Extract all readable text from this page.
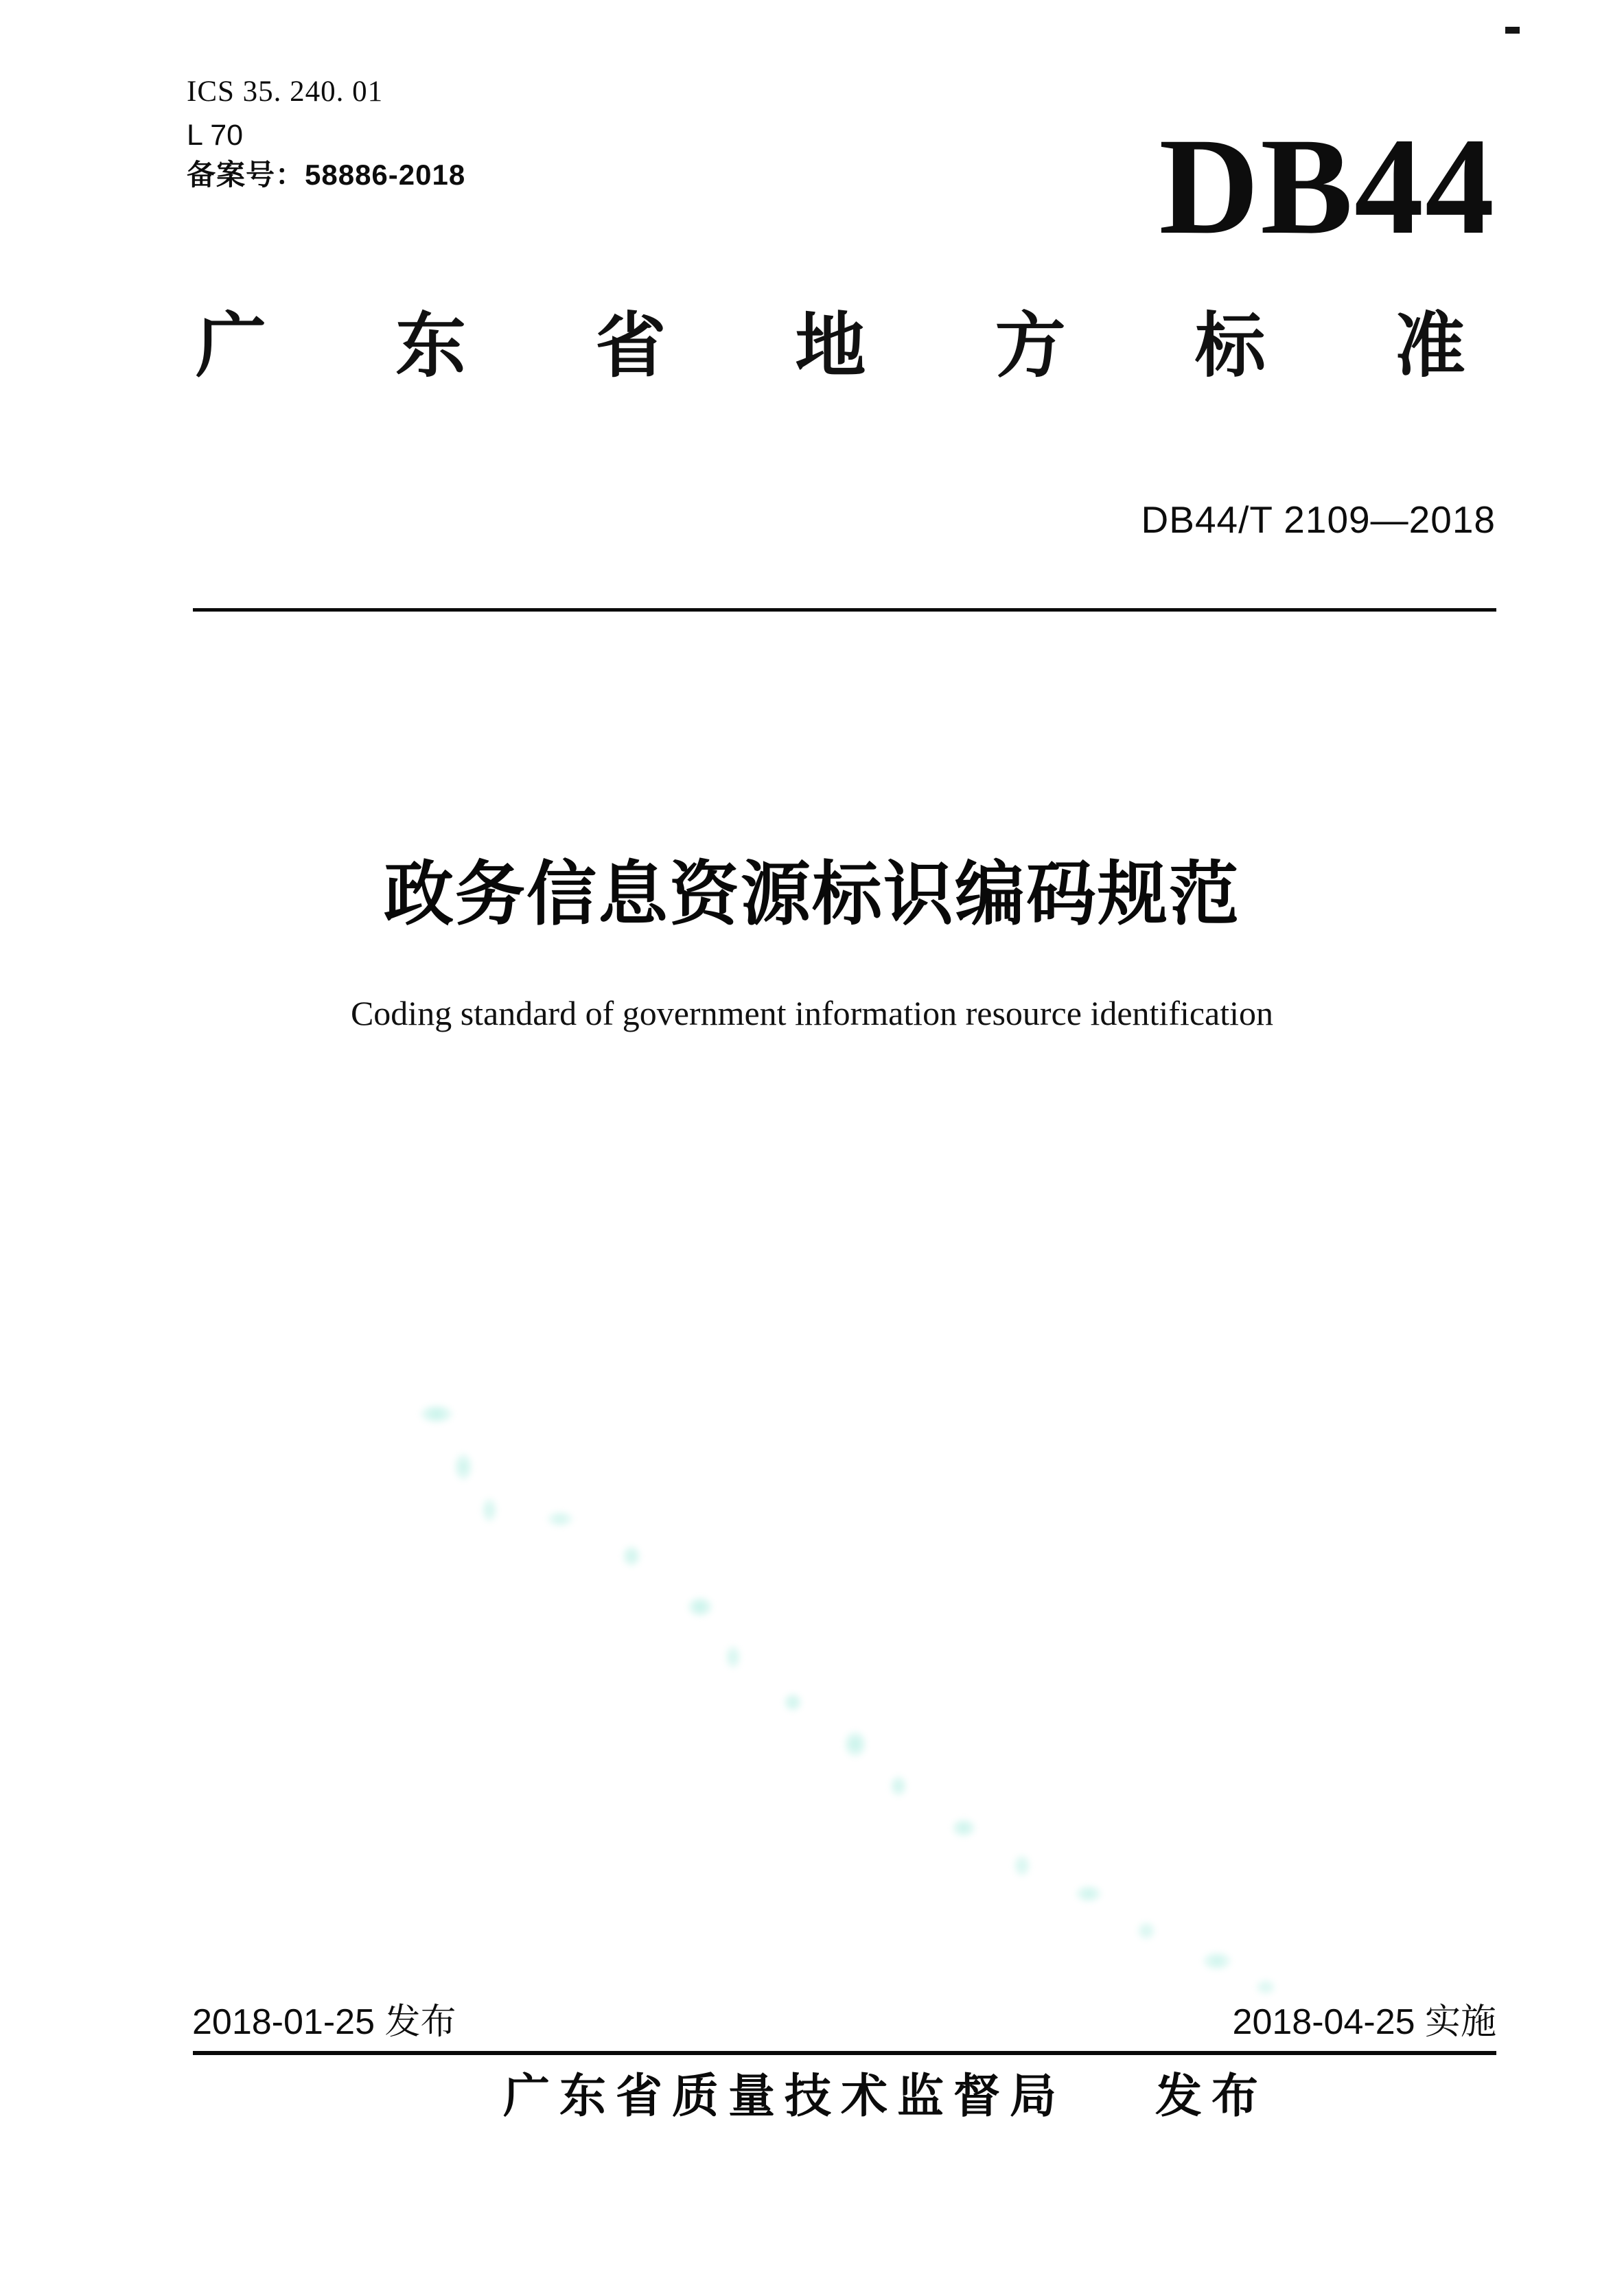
ICS 35. 240. 01
L 70
备案号：58886-2018	DB44
广 东 省 地 方 标 准
DB44/T 2109—2018
政务信息资源标识编码规范
Coding standard of government information resource identification
2018-01-25 发布	2018-04-25 实施
广东省质量技术监督局 发布
